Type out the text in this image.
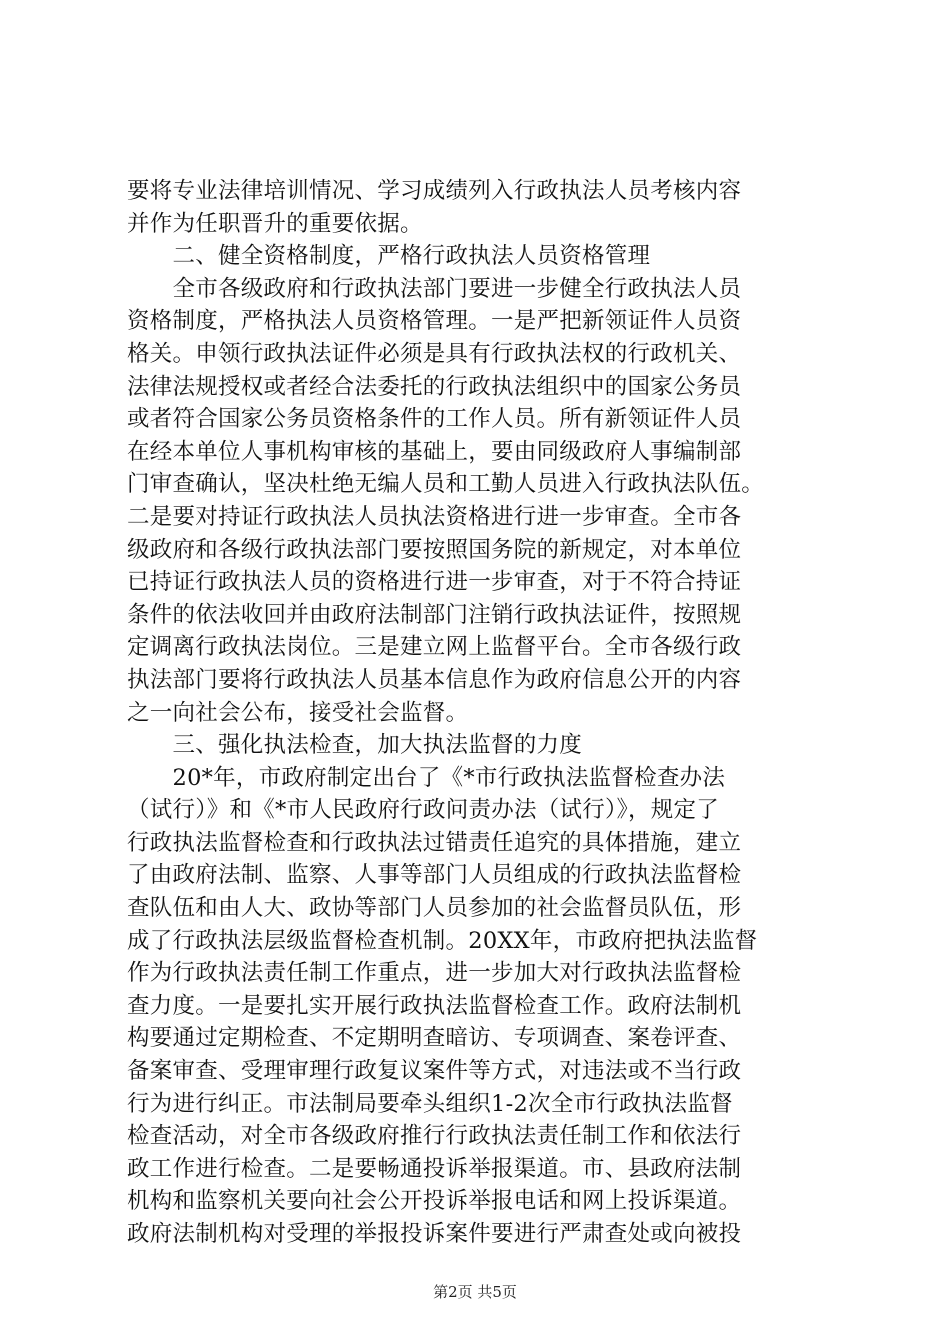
要将专业法律培训情况、学习成绩列入行政执法人员考核内容
并作为任职晋升的重要依据。
　　二、健全资格制度，严格行政执法人员资格管理
　　全市各级政府和行政执法部门要进一步健全行政执法人员
资格制度，严格执法人员资格管理。一是严把新领证件人员资
格关。申领行政执法证件必须是具有行政执法权的行政机关、
法律法规授权或者经合法委托的行政执法组织中的国家公务员
或者符合国家公务员资格条件的工作人员。所有新领证件人员
在经本单位人事机构审核的基础上，要由同级政府人事编制部
门审查确认，坚决杜绝无编人员和工勤人员进入行政执法队伍。
二是要对持证行政执法人员执法资格进行进一步审查。全市各
级政府和各级行政执法部门要按照国务院的新规定，对本单位
已持证行政执法人员的资格进行进一步审查，对于不符合持证
条件的依法收回并由政府法制部门注销行政执法证件，按照规
定调离行政执法岗位。三是建立网上监督平台。全市各级行政
执法部门要将行政执法人员基本信息作为政府信息公开的内容
之一向社会公布，接受社会监督。
　　三、强化执法检查，加大执法监督的力度
　　20*年，市政府制定出台了《*市行政执法监督检查办法
（试行）》和《*市人民政府行政问责办法（试行）》，规定了
行政执法监督检查和行政执法过错责任追究的具体措施，建立
了由政府法制、监察、人事等部门人员组成的行政执法监督检
查队伍和由人大、政协等部门人员参加的社会监督员队伍，形
成了行政执法层级监督检查机制。20XX年，市政府把执法监督
作为行政执法责任制工作重点，进一步加大对行政执法监督检
查力度。一是要扎实开展行政执法监督检查工作。政府法制机
构要通过定期检查、不定期明查暗访、专项调查、案卷评查、
备案审查、受理审理行政复议案件等方式，对违法或不当行政
行为进行纠正。市法制局要牵头组织1-2次全市行政执法监督
检查活动，对全市各级政府推行行政执法责任制工作和依法行
政工作进行检查。二是要畅通投诉举报渠道。市、县政府法制
机构和监察机关要向社会公开投诉举报电话和网上投诉渠道。
政府法制机构对受理的举报投诉案件要进行严肃查处或向被投
第2页 共5页
